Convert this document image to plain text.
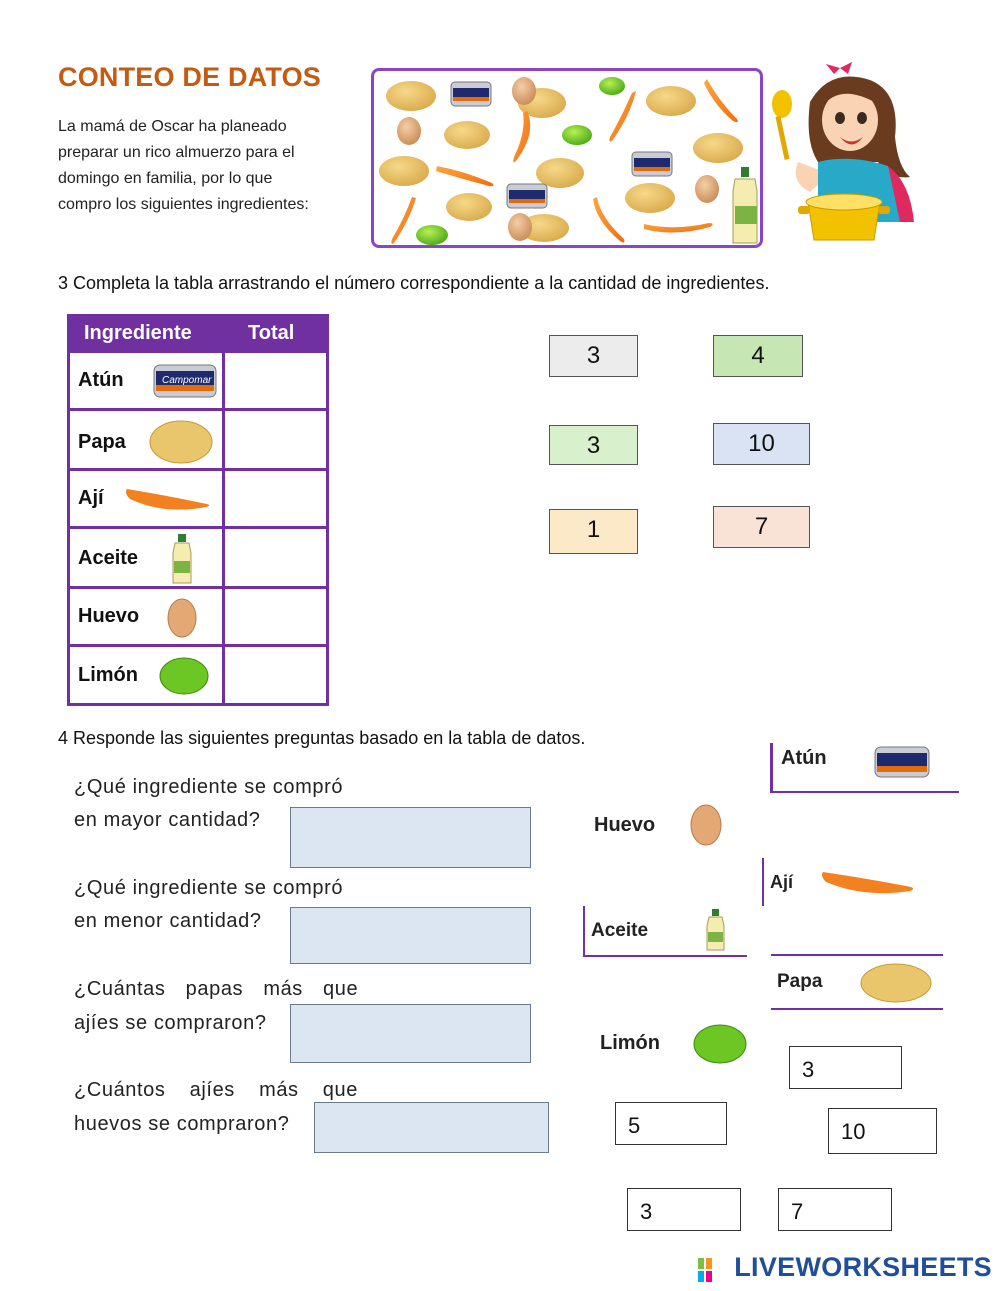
CONTEO DE DATOS
La mamá de Oscar ha planeado
preparar un rico almuerzo para el
domingo en familia, por lo que
compro los siguientes ingredientes:
3 Completa la tabla arrastrando el número correspondiente a la cantidad de ingredientes.
Ingrediente	Total
Atún	Campomar
Papa
Ají
Aceite
Huevo
Limón
3	4
3	10
1	7
4 Responde las siguientes preguntas basado en la tabla de datos.
¿Qué ingrediente se compró
en mayor cantidad?
¿Qué ingrediente se compró
en menor cantidad?
¿Cuántas papas más que
ajíes se compraron?
¿Cuántos ajíes más que
huevos se compraron?
Atún
Huevo
Ají
Aceite
Papa
Limón
3
5	10
3	7
LIVEWORKSHEETS
